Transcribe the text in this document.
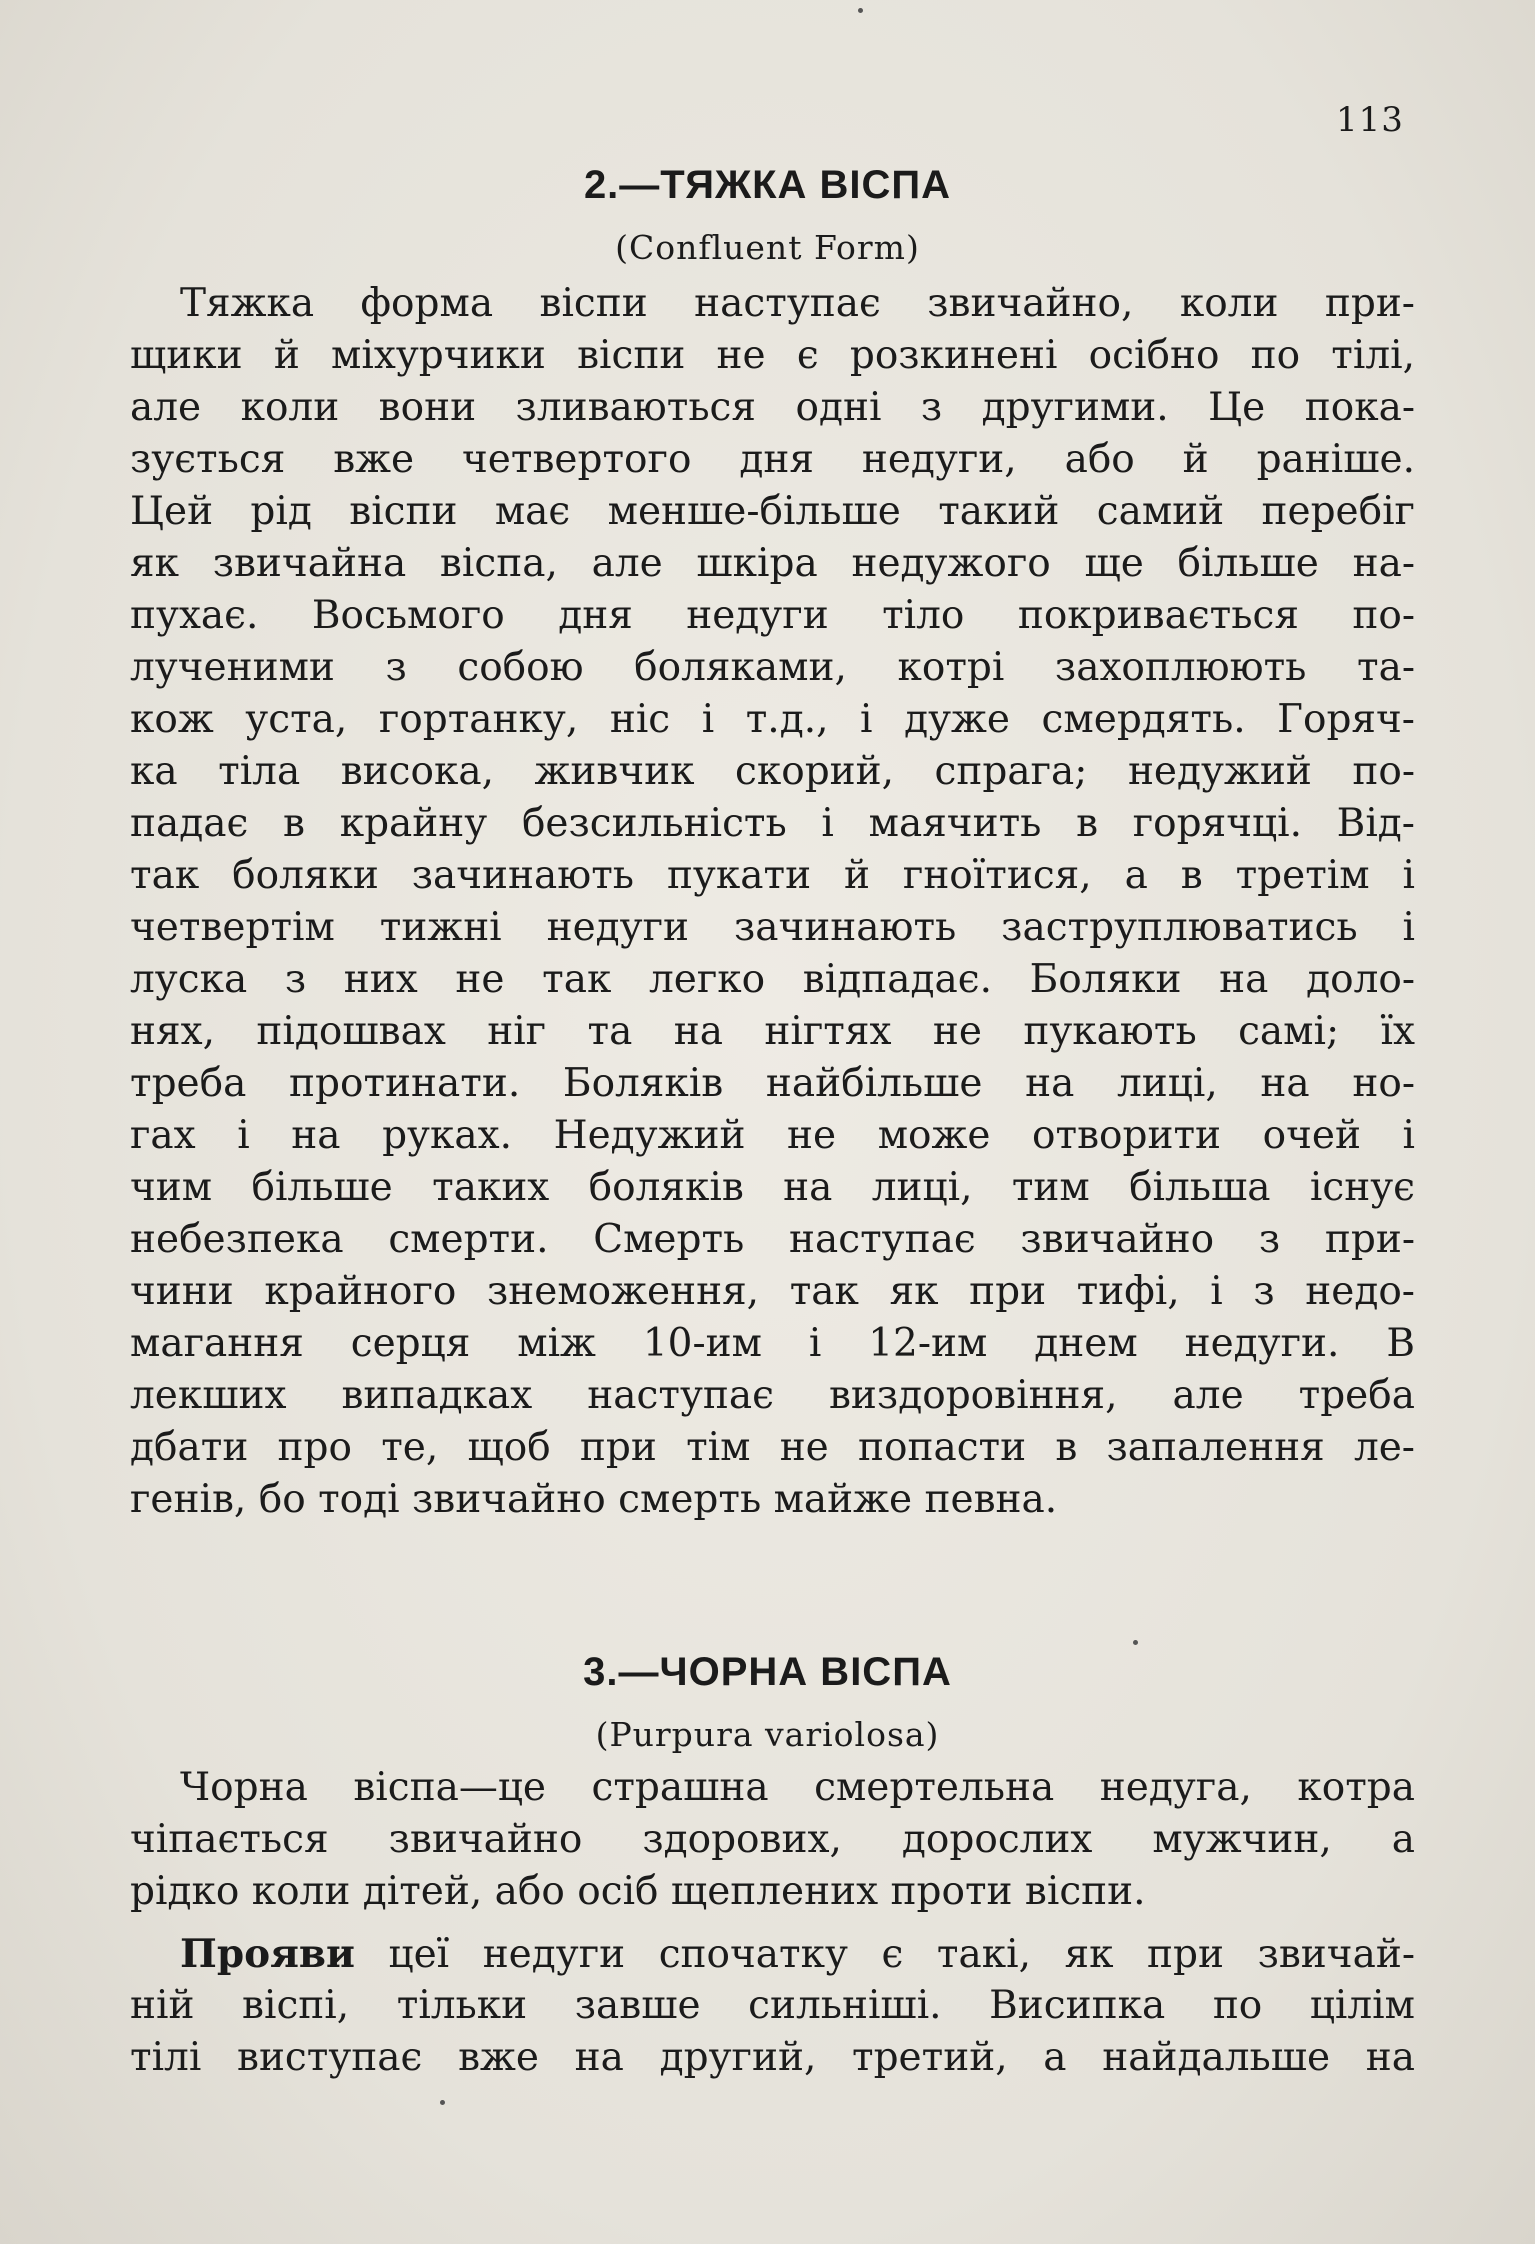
113
2.—ТЯЖКА ВІСПА
(Confluent Form)
Тяжка форма віспи наступає звичайно, коли при-
щики й міхурчики віспи не є розкинені осібно по тілі,
але коли вони зливаються одні з другими. Це пока-
зується вже четвертого дня недуги, або й раніше.
Цей рід віспи має менше-більше такий самий перебіг
як звичайна віспа, але шкіра недужого ще більше на-
пухає. Восьмого дня недуги тіло покривається по-
лученими з собою боляками, котрі захоплюють та-
кож уста, гортанку, ніс і т.д., і дуже смердять. Горяч-
ка тіла висока, живчик скорий, спрага; недужий по-
падає в крайну безсильність і маячить в горячці. Від-
так боляки зачинають пукати й гноїтися, а в третім і
четвертім тижні недуги зачинають заструплюватись і
луска з них не так легко відпадає. Боляки на доло-
нях, підошвах ніг та на нігтях не пукають самі; їх
треба протинати. Боляків найбільше на лиці, на но-
гах і на руках. Недужий не може отворити очей і
чим більше таких боляків на лиці, тим більша існує
небезпека смерти. Смерть наступає звичайно з при-
чини крайного знеможення, так як при тифі, і з недо-
магання серця між 10-им і 12-им днем недуги. В
лекших випадках наступає виздоровіння, але треба
дбати про те, щоб при тім не попасти в запалення ле-
генів, бо тоді звичайно смерть майже певна.
3.—ЧОРНА ВІСПА
(Purpura variolosa)
Чорна віспа—це страшна смертельна недуга, котра
чіпається звичайно здорових, дорослих мужчин, а
рідко коли дітей, або осіб щеплених проти віспи.
Прояви цеї недуги спочатку є такі, як при звичай-
ній віспі, тільки завше сильніші. Висипка по цілім
тілі виступає вже на другий, третий, а найдальше на
